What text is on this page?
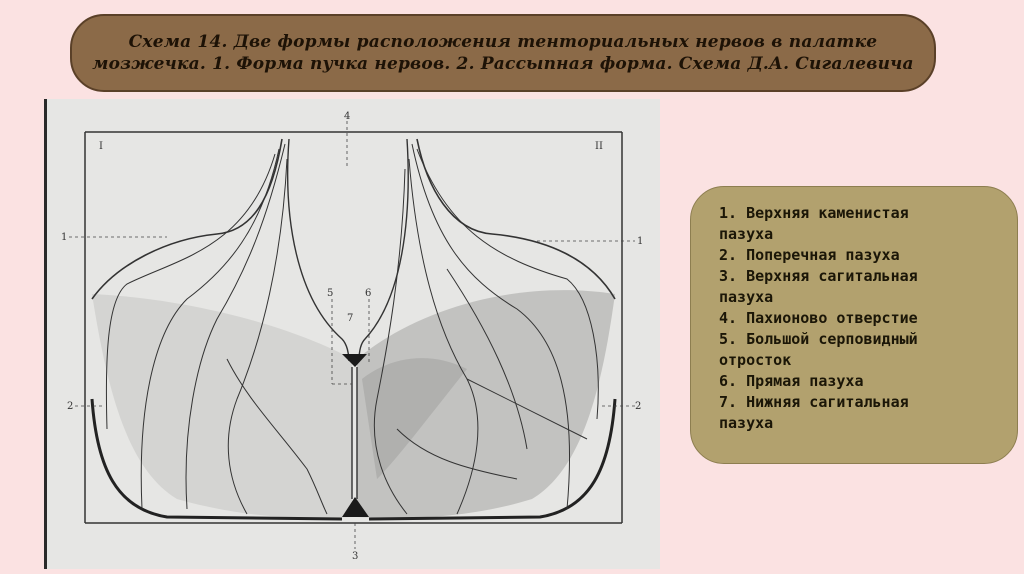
Схема 14. Две формы расположения тенториальных нервов в палатке
мозжечка. 1. Форма пучка нервов. 2. Рассыпная форма. Схема Д.А. Сигалевича
I	II
4
1	1
5	6
7
2	2
3
1. Верхняя каменистая
пазуха
2. Поперечная пазуха
3. Верхняя сагитальная
пазуха
4. Пахионово отверстие
5. Большой серповидный
отросток
6. Прямая пазуха
7. Нижняя сагитальная
пазуха
